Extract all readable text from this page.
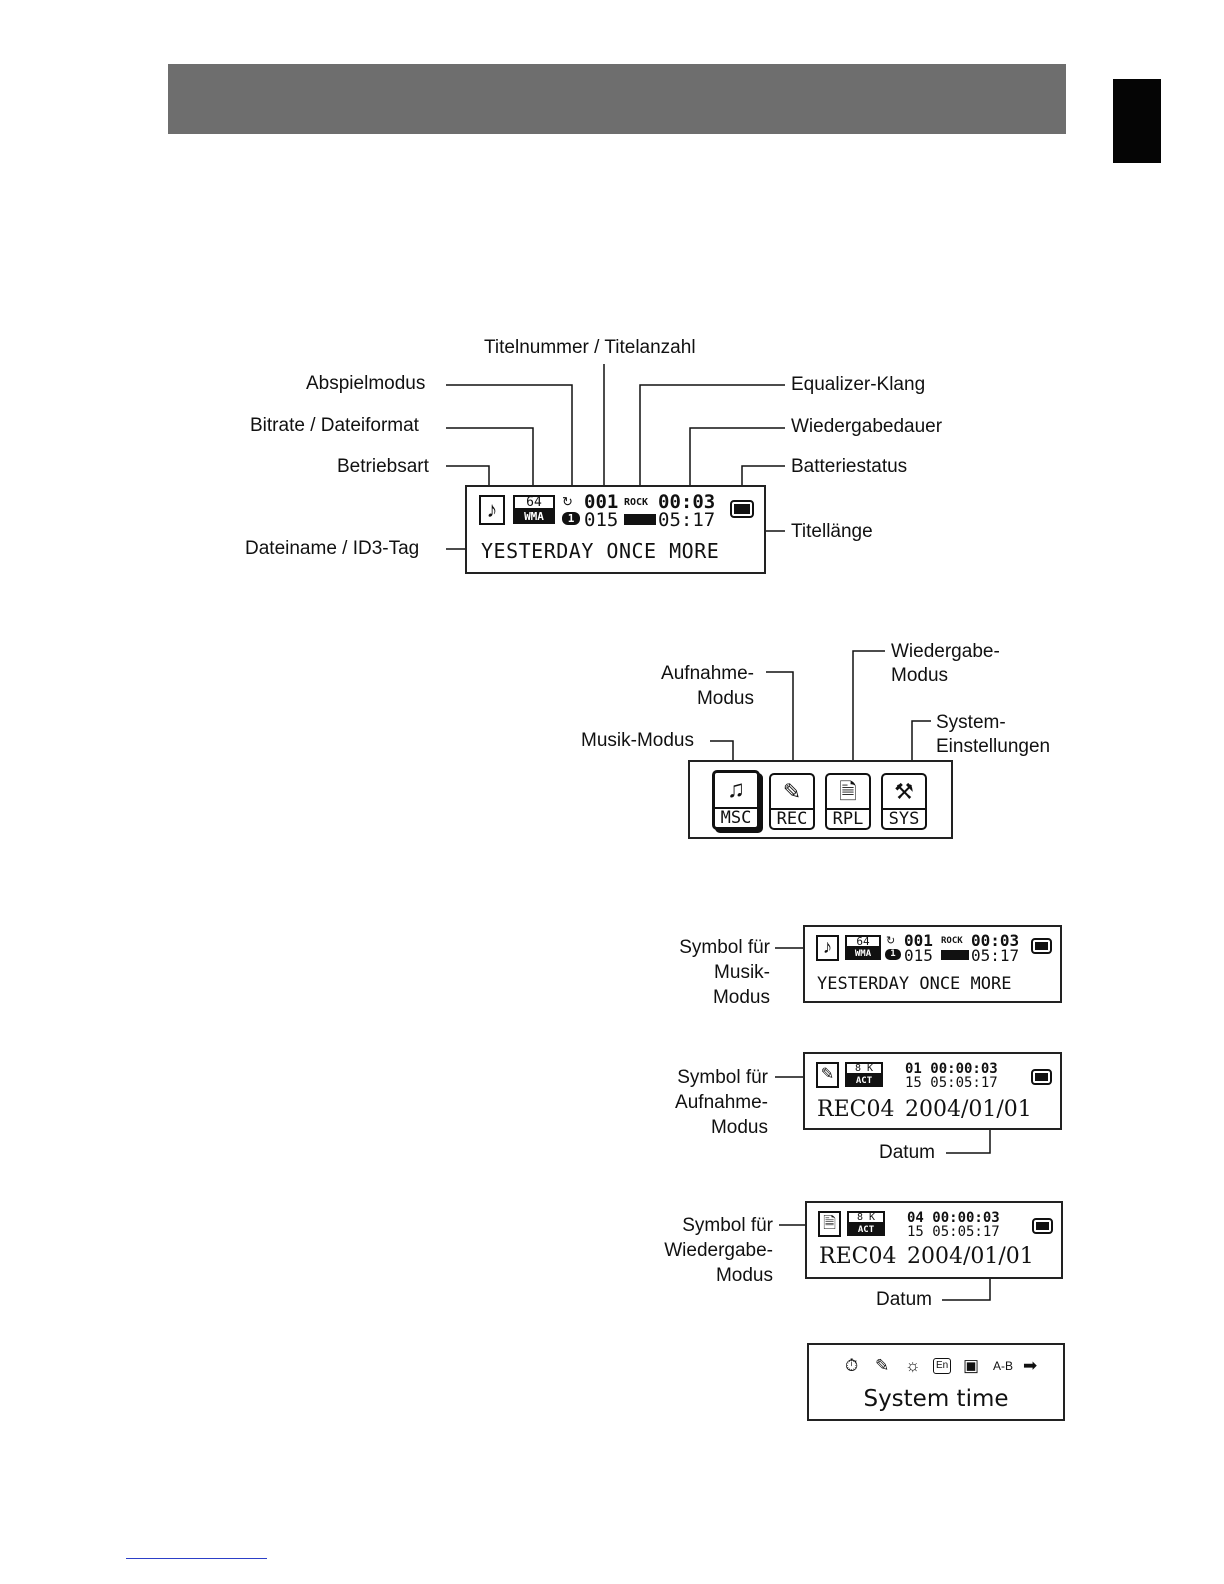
Titelnummer / Titelanzahl
Abspielmodus
Bitrate / Dateiformat
Betriebsart
Dateiname / ID3-Tag
Equalizer-Klang
Wiedergabedauer
Batteriestatus
Titellänge
♪	64
WMA
↻
1
001
015
ROCK 00:03
05:17
YESTERDAY ONCE MORE
Aufnahme-
Modus
Wiedergabe-
Modus
System-
Einstellungen
Musik-Modus
♫
MSC
✎
REC
🗎
RPL
⚒
SYS
Symbol für
Musik-
Modus
♪	64
WMA
↻
1
001
015
ROCK 00:03
05:17
YESTERDAY ONCE MORE
Symbol für
Aufnahme-
Modus
Datum
✎	8 K
ACT
01 00:00:03
15 05:05:17
REC04 2004/01/01
Symbol für
Wiedergabe-
Modus
Datum
🗎	8 K
ACT
04 00:00:03
15 05:05:17
REC04 2004/01/01
⏱ ✎ ☼	En ▣ A-B ➡
System time
